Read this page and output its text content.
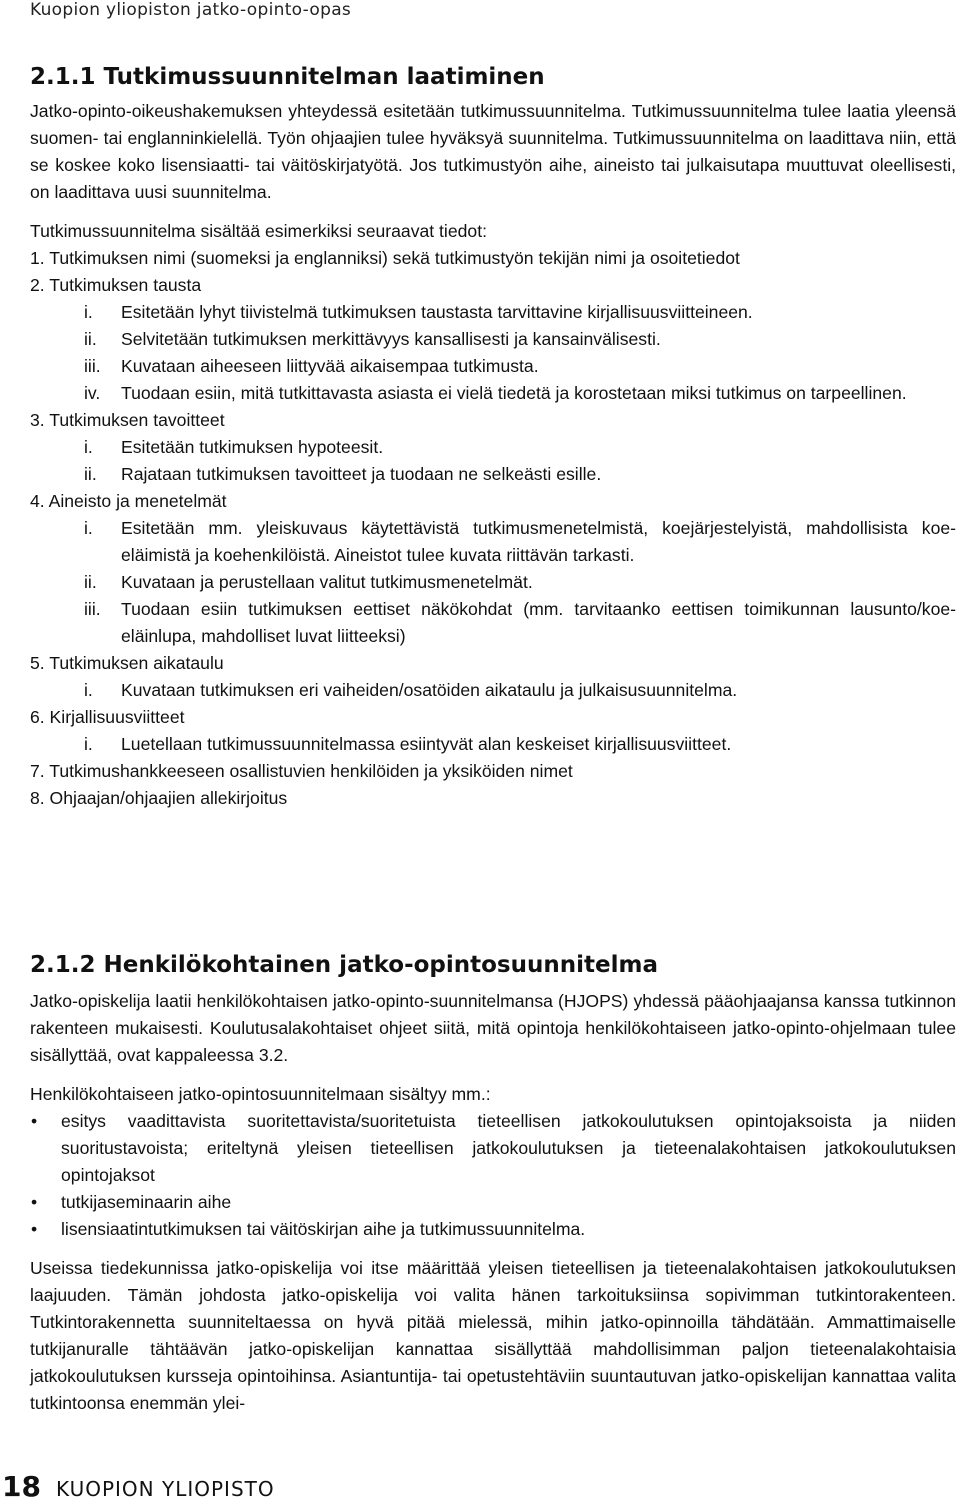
Kuopion yliopiston jatko-opinto-opas
2.1.1 Tutkimussuunnitelman laatiminen

Jatko-opinto-oikeushakemuksen yhteydessä esitetään tutkimussuunnitelma. Tutkimussuunnitelma tulee laatia yleensä suomen- tai englanninkielellä. Työn ohjaajien tulee hyväksyä suunnitelma. Tutkimussuunnitelma on laadittava niin, että se koskee koko lisensiaatti- tai väitöskirjatyötä. Jos tutkimustyön aihe, aineisto tai julkaisutapa muuttuvat oleellisesti, on laadittava uusi suunnitelma.

Tutkimussuunnitelma sisältää esimerkiksi seuraavat tiedot:

1. Tutkimuksen nimi (suomeksi ja englanniksi) sekä tutkimustyön tekijän nimi ja osoitetiedot
2. Tutkimuksen tausta
i. Esitetään lyhyt tiivistelmä tutkimuksen taustasta tarvittavine kirjallisuusviitteineen.
ii. Selvitetään tutkimuksen merkittävyys kansallisesti ja kansainvälisesti.
iii. Kuvataan aiheeseen liittyvää aikaisempaa tutkimusta.
iv. Tuodaan esiin, mitä tutkittavasta asiasta ei vielä tiedetä ja korostetaan miksi tutkimus on tarpeellinen.
3. Tutkimuksen tavoitteet
i. Esitetään tutkimuksen hypoteesit.
ii. Rajataan tutkimuksen tavoitteet ja tuodaan ne selkeästi esille.
4. Aineisto ja menetelmät
i. Esitetään mm. yleiskuvaus käytettävistä tutkimusmenetelmistä, koejärjestelyistä, mahdollisista koe-eläimistä ja koehenkilöistä. Aineistot tulee kuvata riittävän tarkasti.
ii. Kuvataan ja perustellaan valitut tutkimusmenetelmät.
iii. Tuodaan esiin tutkimuksen eettiset näkökohdat (mm. tarvitaanko eettisen toimikunnan lausunto/koe-eläinlupa, mahdolliset luvat liitteeksi)
5. Tutkimuksen aikataulu
i. Kuvataan tutkimuksen eri vaiheiden/osatöiden aikataulu ja julkaisusuunnitelma.
6. Kirjallisuusviitteet
i. Luetellaan tutkimussuunnitelmassa esiintyvät alan keskeiset kirjallisuusviitteet.
7. Tutkimushankkeeseen osallistuvien henkilöiden ja yksiköiden nimet
8. Ohjaajan/ohjaajien allekirjoitus
2.1.2 Henkilökohtainen jatko-opintosuunnitelma

Jatko-opiskelija laatii henkilökohtaisen jatko-opinto-suunnitelmansa (HJOPS) yhdessä pääohjaajansa kanssa tutkinnon rakenteen mukaisesti. Koulutusalakohtaiset ohjeet siitä, mitä opintoja henkilökohtaiseen jatko-opinto-ohjelmaan tulee sisällyttää, ovat kappaleessa 3.2.

Henkilökohtaiseen jatko-opintosuunnitelmaan sisältyy mm.:

• esitys vaadittavista suoritettavista/suoritetuista tieteellisen jatkokoulutuksen opintojaksoista ja niiden suoritustavoista; eriteltynä yleisen tieteellisen jatkokoulutuksen ja tieteenalakohtaisen jatkokoulutuksen opintojaksot
• tutkijaseminaarin aihe
• lisensiaatintutkimuksen tai väitöskirjan aihe ja tutkimussuunnitelma.

Useissa tiedekunnissa jatko-opiskelija voi itse määrittää yleisen tieteellisen ja tieteenalakohtaisen jatkokoulutuksen laajuuden. Tämän johdosta jatko-opiskelija voi valita hänen tarkoituksiinsa sopivimman tutkintorakenteen. Tutkintorakennetta suunniteltaessa on hyvä pitää mielessä, mihin jatko-opinnoilla tähdätään. Ammattimaiselle tutkijanuralle tähtäävän jatko-opiskelijan kannattaa sisällyttää mahdollisimman paljon tieteenalakohtaisia jatkokoulutuksen kursseja opintoihinsa. Asiantuntija- tai opetustehtäviin suuntautuvan jatko-opiskelijan kannattaa valita tutkintoonsa enemmän ylei-

18 KUOPION YLIOPISTO
